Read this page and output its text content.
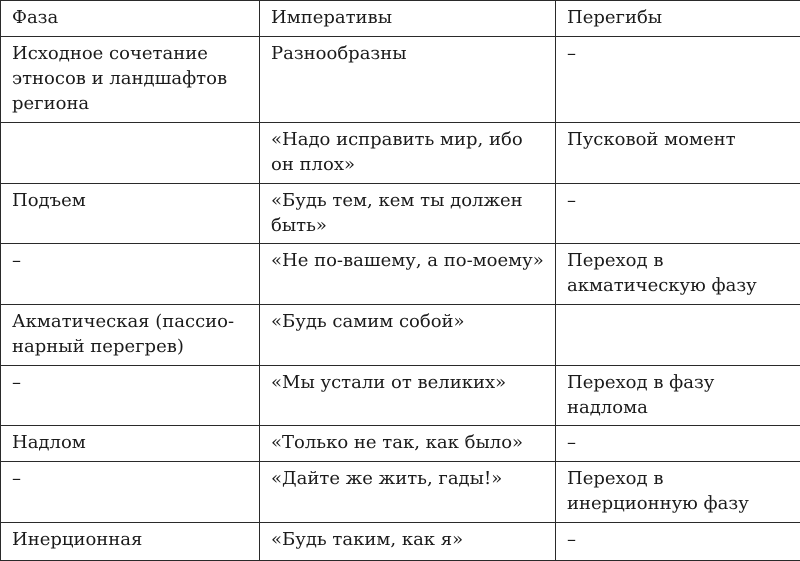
Фаза	Императивы	Перегибы
Исходное сочетание этносов и ландшафтов региона	Разнообразны	–
	«Надо исправить мир, ибо он плох»	Пусковой момент
Подъем	«Будь тем, кем ты должен быть»	–
–	«Не по-вашему, а по-моему»	Переход в акматическую фазу
Акматическая (пассионарный перегрев)	«Будь самим собой»	
–	«Мы устали от великих»	Переход в фазу надлома
Надлом	«Только не так, как было»	–
–	«Дайте же жить, гады!»	Переход в инерционную фазу
Инерционная	«Будь таким, как я»	–
